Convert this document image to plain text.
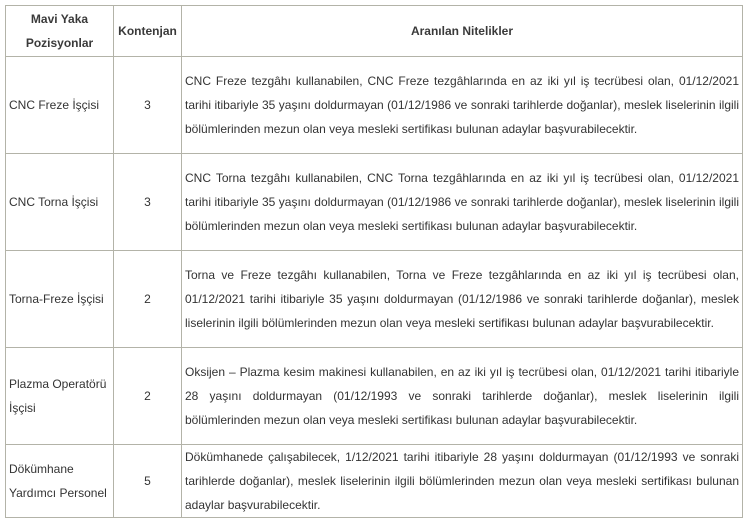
Mavi Yaka Pozisyonlar	Kontenjan	Aranılan Nitelikler
CNC Freze İşçisi	3	CNC Freze tezgâhı kullanabilen, CNC Freze tezgâhlarında en az iki yıl iş tecrübesi olan, 01/12/2021 tarihi itibariyle 35 yaşını doldurmayan (01/12/1986 ve sonraki tarihlerde doğanlar), meslek liselerinin ilgili bölümlerinden mezun olan veya mesleki sertifikası bulunan adaylar başvurabilecektir.
CNC Torna İşçisi	3	CNC Torna tezgâhı kullanabilen, CNC Torna tezgâhlarında en az iki yıl iş tecrübesi olan, 01/12/2021 tarihi itibariyle 35 yaşını doldurmayan (01/12/1986 ve sonraki tarihlerde doğanlar), meslek liselerinin ilgili bölümlerinden mezun olan veya mesleki sertifikası bulunan adaylar başvurabilecektir.
Torna-Freze İşçisi	2	Torna ve Freze tezgâhı kullanabilen, Torna ve Freze tezgâhlarında en az iki yıl iş tecrübesi olan, 01/12/2021 tarihi itibariyle 35 yaşını doldurmayan (01/12/1986 ve sonraki tarihlerde doğanlar), meslek liselerinin ilgili bölümlerinden mezun olan veya mesleki sertifikası bulunan adaylar başvurabilecektir.
Plazma Operatörü İşçisi	2	Oksijen – Plazma kesim makinesi kullanabilen, en az iki yıl iş tecrübesi olan, 01/12/2021 tarihi itibariyle 28 yaşını doldurmayan (01/12/1993 ve sonraki tarihlerde doğanlar), meslek liselerinin ilgili bölümlerinden mezun olan veya mesleki sertifikası bulunan adaylar başvurabilecektir.
Dökümhane Yardımcı Personel	5	Dökümhanede çalışabilecek, 1/12/2021 tarihi itibariyle 28 yaşını doldurmayan (01/12/1993 ve sonraki tarihlerde doğanlar), meslek liselerinin ilgili bölümlerinden mezun olan veya mesleki sertifikası bulunan adaylar başvurabilecektir.
